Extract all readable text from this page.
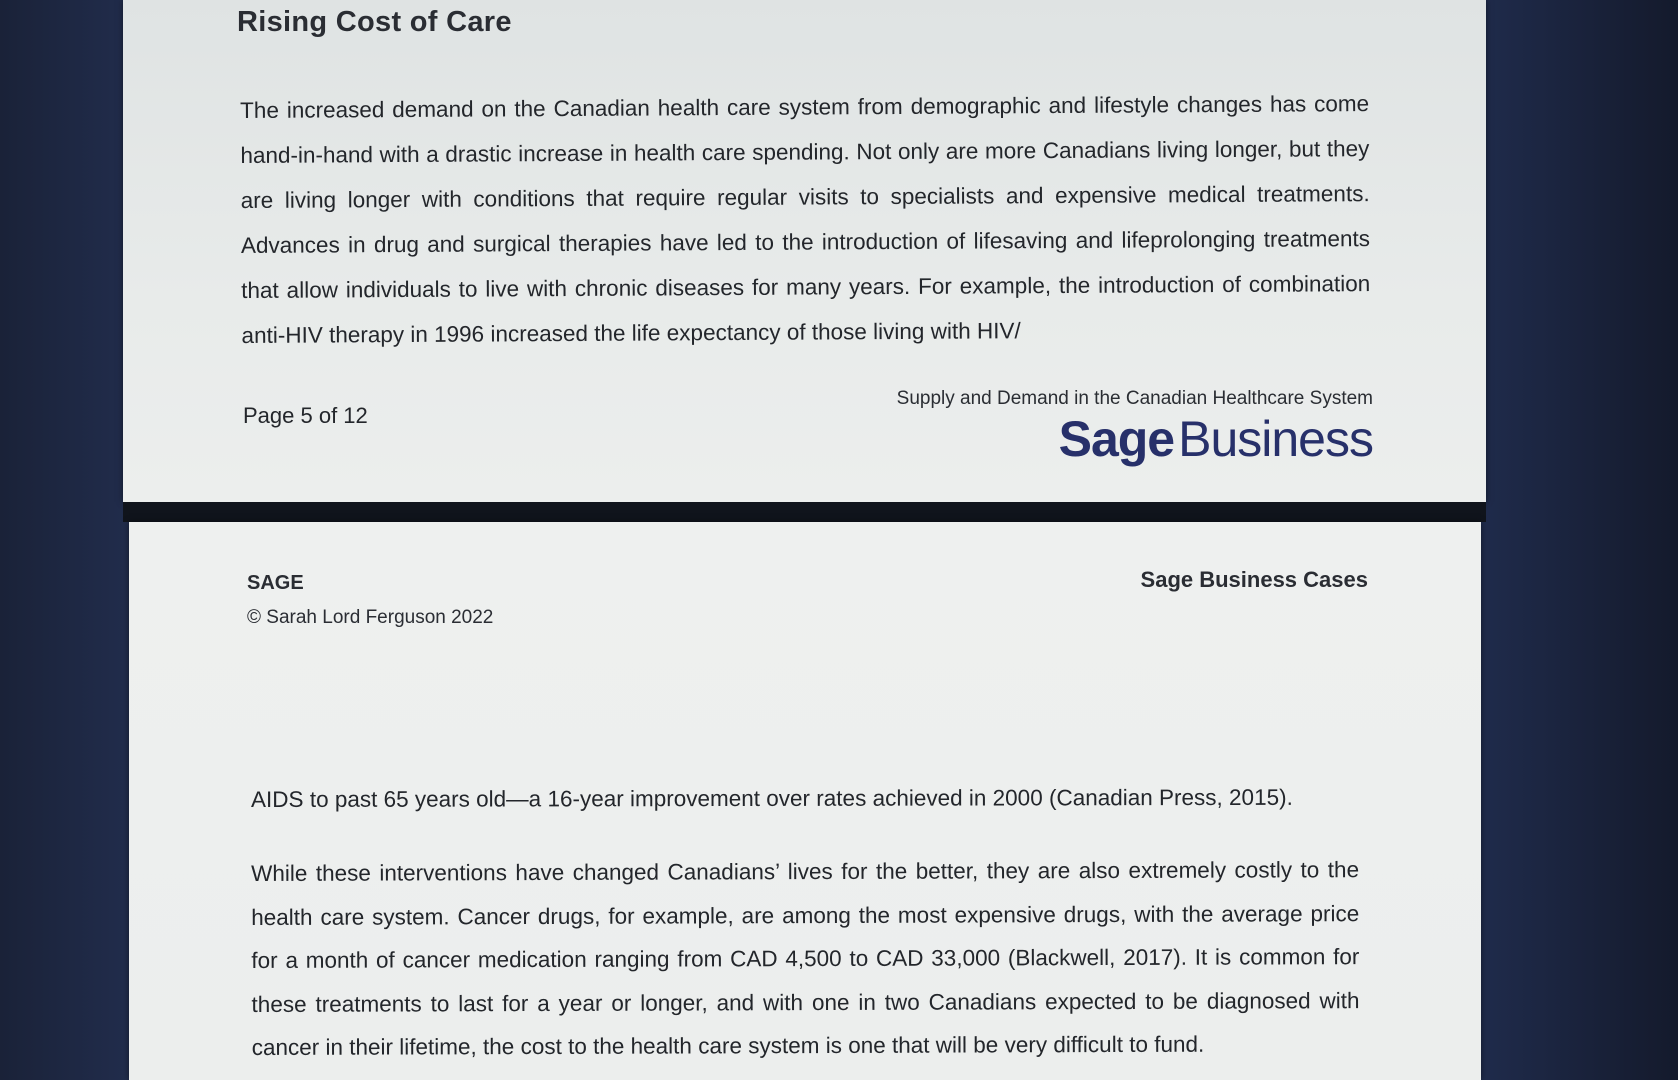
Rising Cost of Care

The increased demand on the Canadian health care system from demographic and lifestyle changes has come hand-in-hand with a drastic increase in health care spending. Not only are more Canadians living longer, but they are living longer with conditions that require regular visits to specialists and expensive medical treatments. Advances in drug and surgical therapies have led to the introduction of lifesaving and lifeprolonging treatments that allow individuals to live with chronic diseases for many years. For example, the introduction of combination anti-HIV therapy in 1996 increased the life expectancy of those living with HIV/

Page 5 of 12
Supply and Demand in the Canadian Healthcare System
SageBusiness
SAGE
© Sarah Lord Ferguson 2022
Sage Business Cases

AIDS to past 65 years old—a 16-year improvement over rates achieved in 2000 (Canadian Press, 2015).

While these interventions have changed Canadians’ lives for the better, they are also extremely costly to the health care system. Cancer drugs, for example, are among the most expensive drugs, with the average price for a month of cancer medication ranging from CAD 4,500 to CAD 33,000 (Blackwell, 2017). It is common for these treatments to last for a year or longer, and with one in two Canadians expected to be diagnosed with cancer in their lifetime, the cost to the health care system is one that will be very difficult to fund.
